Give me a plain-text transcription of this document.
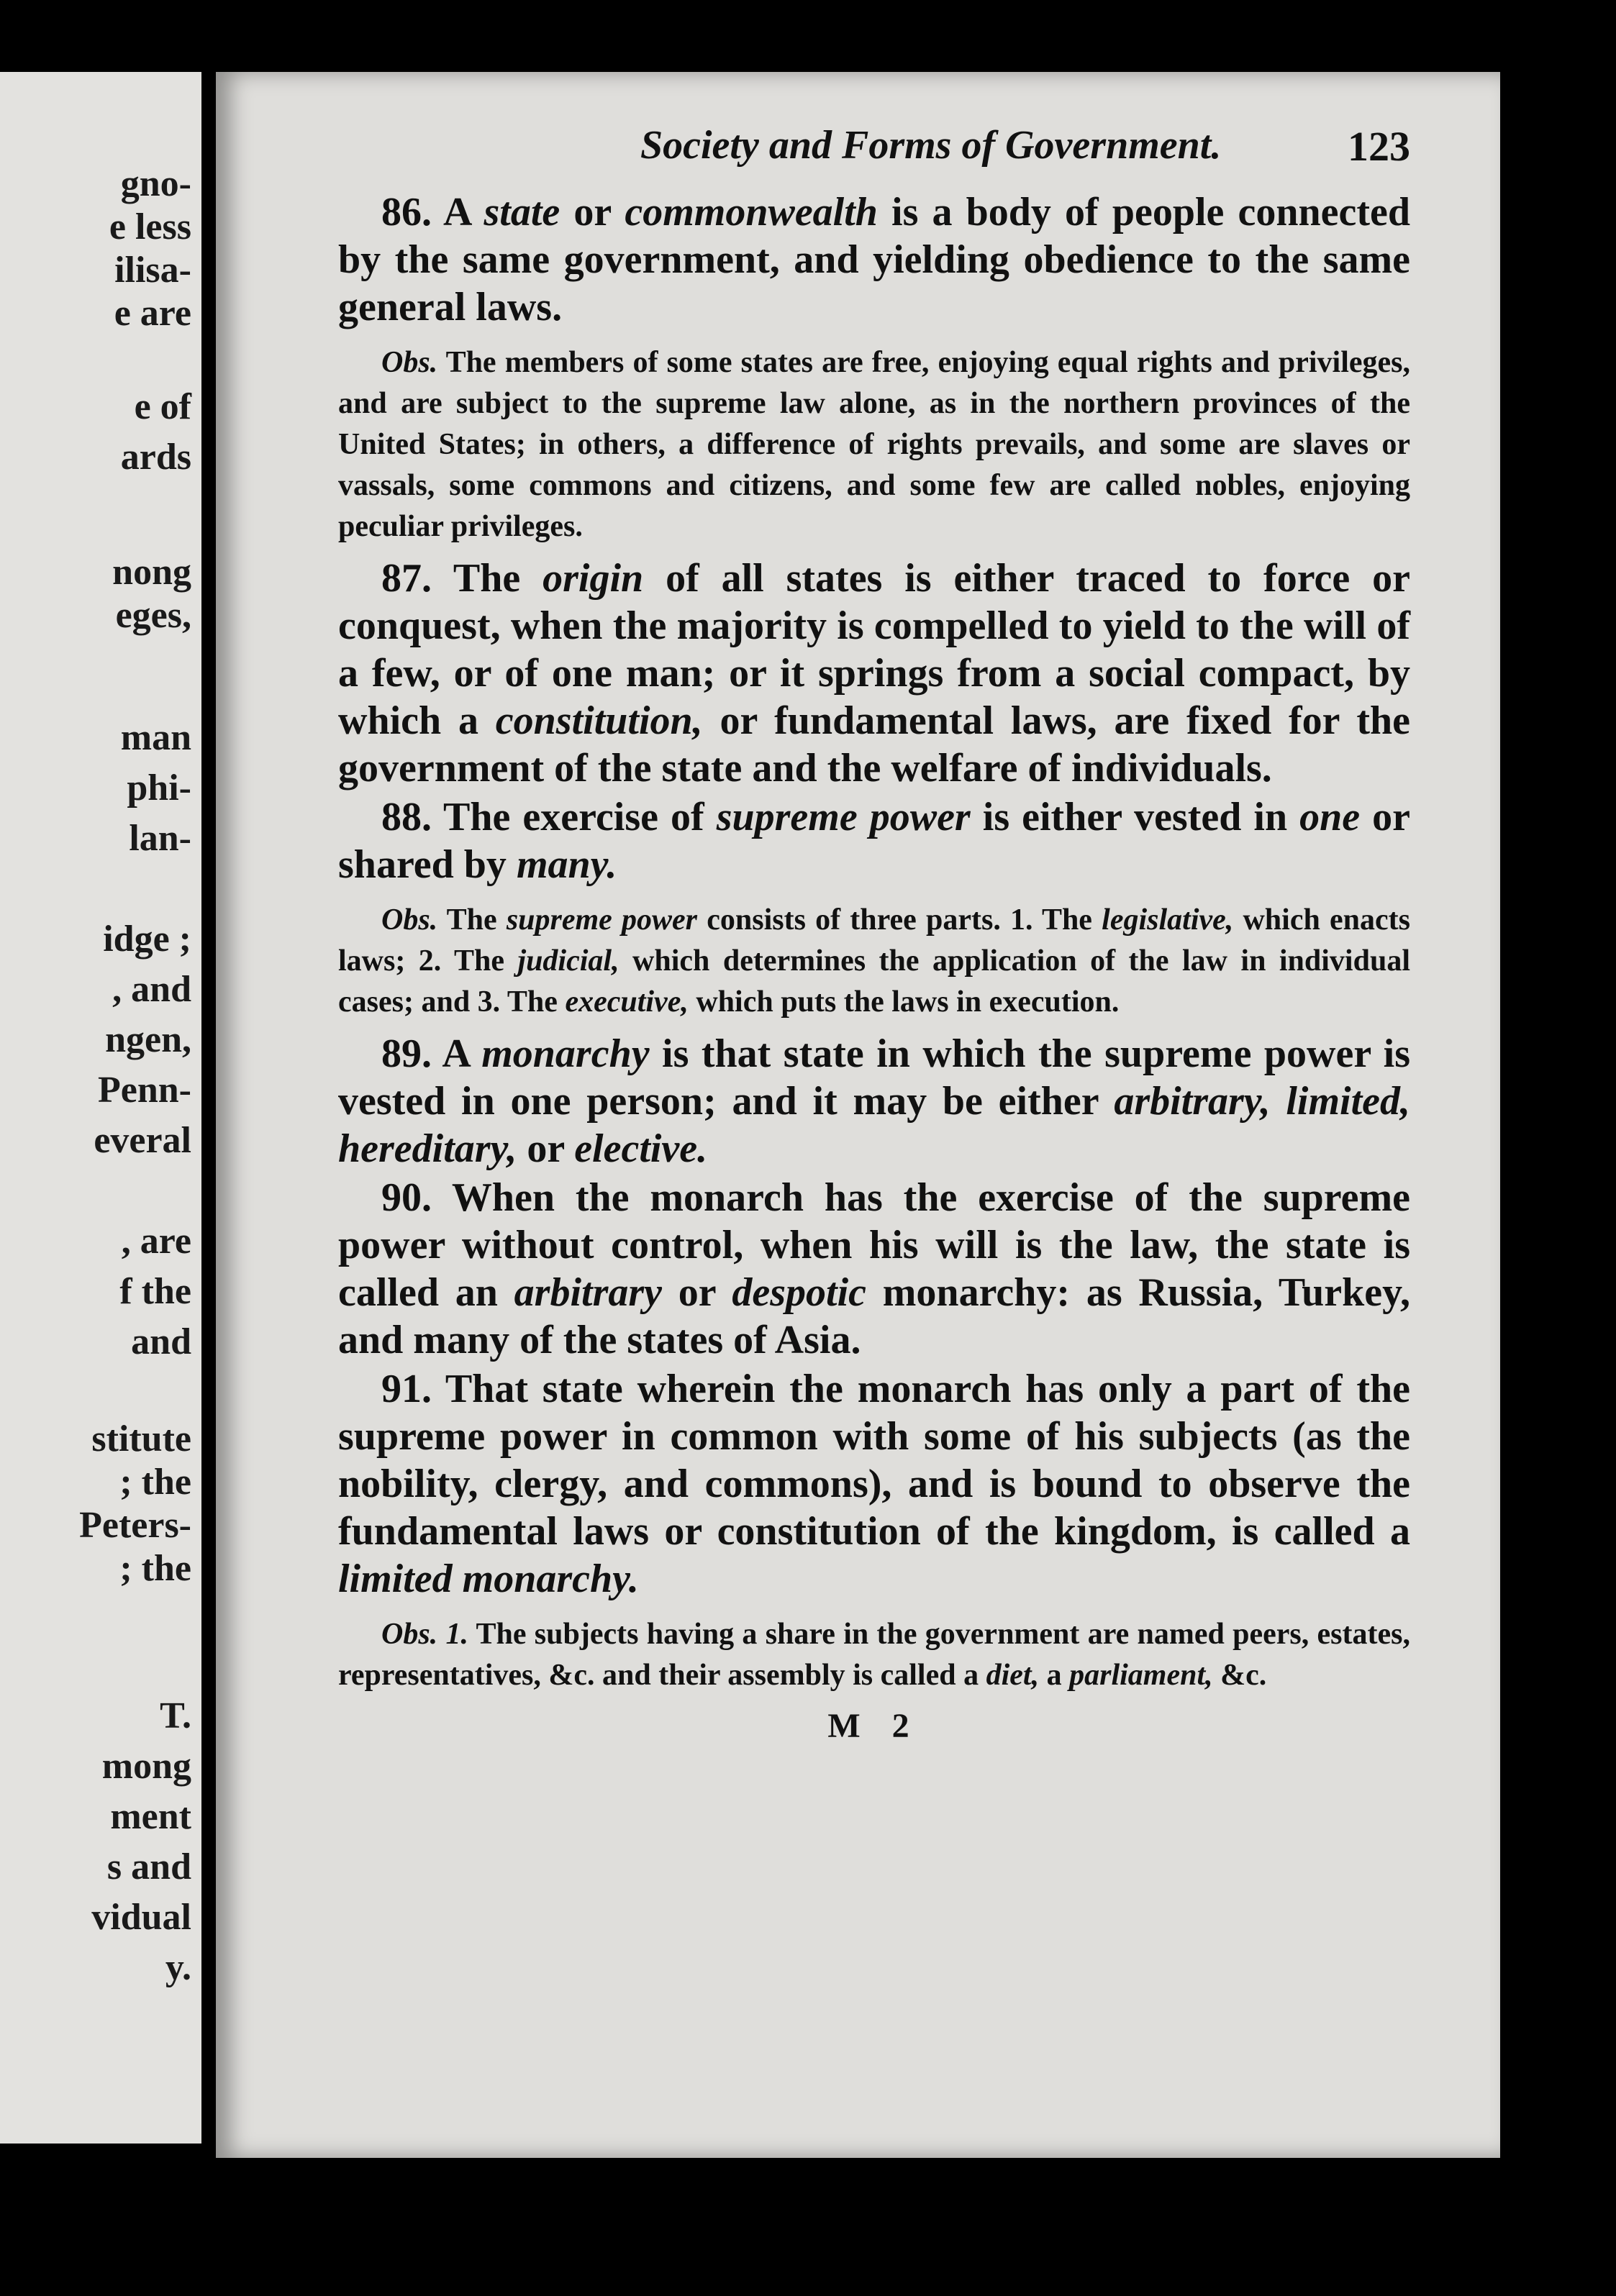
gno-
e less
ilisa-
e are
e of
ards
nong
eges,
man
phi-
lan-
idge ;
, and
ngen,
Penn-
everal
, are
f the
and
stitute
; the
Peters-
; the
T.
mong
ment
s and
vidual
y.
Society and Forms of Government.	123

86. A state or commonwealth is a body of people connected by the same government, and yielding obedience to the same general laws.

Obs. The members of some states are free, enjoying equal rights and privileges, and are subject to the supreme law alone, as in the northern provinces of the United States; in others, a difference of rights prevails, and some are slaves or vassals, some commons and citizens, and some few are called nobles, enjoying peculiar privileges.

87. The origin of all states is either traced to force or conquest, when the majority is compelled to yield to the will of a few, or of one man; or it springs from a social compact, by which a constitution, or fundamental laws, are fixed for the government of the state and the welfare of individuals.

88. The exercise of supreme power is either vested in one or shared by many.

Obs. The supreme power consists of three parts. 1. The legislative, which enacts laws; 2. The judicial, which determines the application of the law in individual cases; and 3. The executive, which puts the laws in execution.

89. A monarchy is that state in which the supreme power is vested in one person; and it may be either arbitrary, limited, hereditary, or elective.

90. When the monarch has the exercise of the supreme power without control, when his will is the law, the state is called an arbitrary or despotic monarchy: as Russia, Turkey, and many of the states of Asia.

91. That state wherein the monarch has only a part of the supreme power in common with some of his subjects (as the nobility, clergy, and commons), and is bound to observe the fundamental laws or constitution of the kingdom, is called a limited monarchy.

Obs. 1. The subjects having a share in the government are named peers, estates, representatives, &c. and their assembly is called a diet, a parliament, &c.

M 2
